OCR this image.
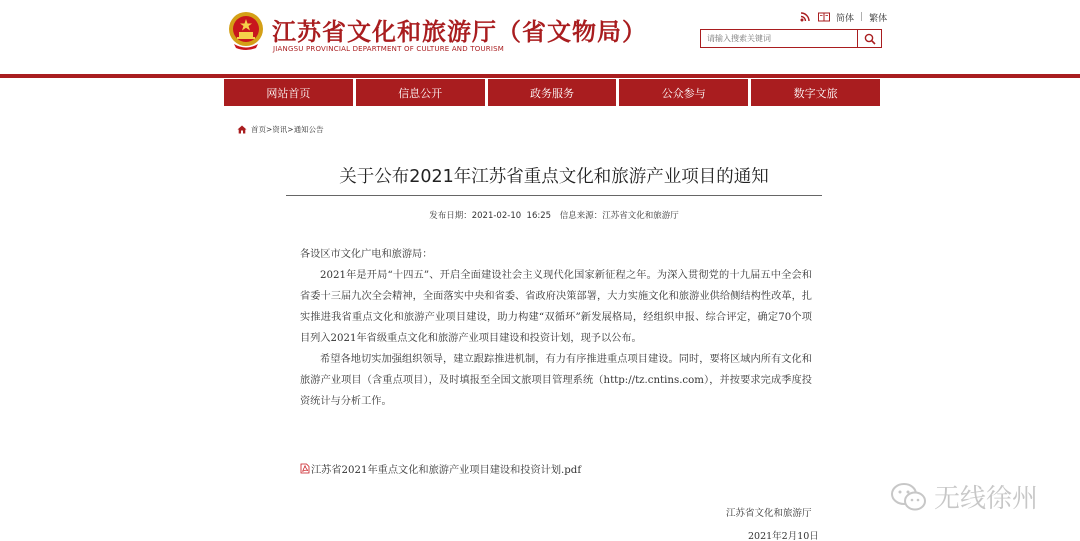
江苏省文化和旅游厅（省文物局）
JIANGSU PROVINCIAL DEPARTMENT OF CULTURE AND TOURISM
简体 | 繁体
请输入搜索关键词
网站首页	信息公开	政务服务	公众参与	数字文旅
首页>资讯>通知公告
关于公布2021年江苏省重点文化和旅游产业项目的通知
发布日期：2021-02-10  16:25 信息来源：江苏省文化和旅游厅

各设区市文化广电和旅游局：

2021年是开局“十四五”、开启全面建设社会主义现代化国家新征程之年。为深入贯彻党的十九届五中全会和省委十三届九次全会精神，全面落实中央和省委、省政府决策部署，大力实施文化和旅游业供给侧结构性改革，扎实推进我省重点文化和旅游产业项目建设，助力构建“双循环”新发展格局，经组织申报、综合评定，确定70个项目列入2021年省级重点文化和旅游产业项目建设和投资计划，现予以公布。

希望各地切实加强组织领导，建立跟踪推进机制，有力有序推进重点项目建设。同时，要将区域内所有文化和旅游产业项目（含重点项目），及时填报至全国文旅项目管理系统（http://tz.cntins.com），并按要求完成季度投资统计与分析工作。

江苏省2021年重点文化和旅游产业项目建设和投资计划.pdf
无线徐州
江苏省文化和旅游厅
2021年2月10日
